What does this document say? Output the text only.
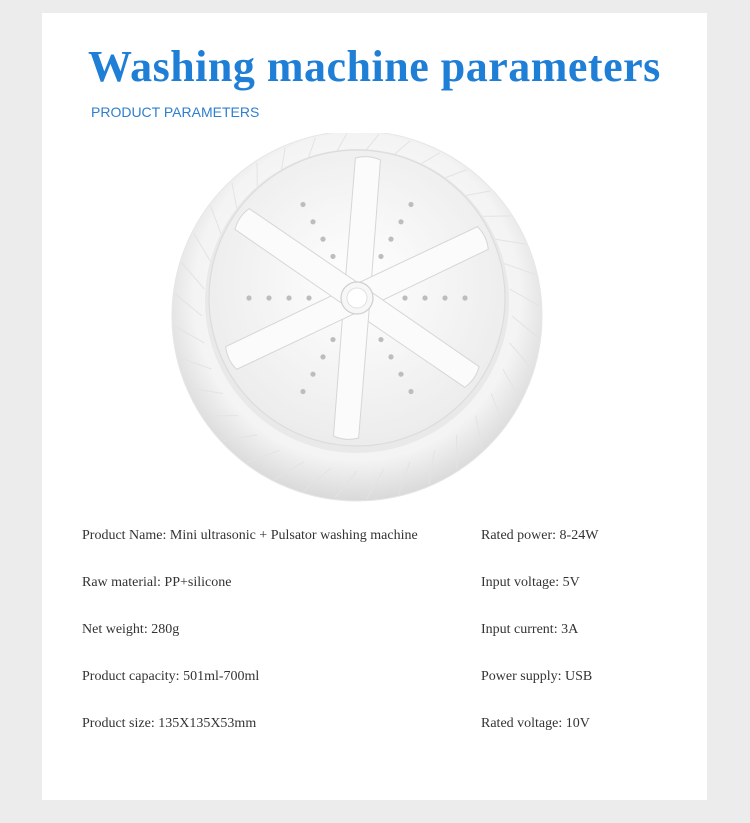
Washing machine parameters
PRODUCT PARAMETERS
Product Name: Mini ultrasonic + Pulsator washing machine	Rated power: 8-24W
Raw material: PP+silicone	Input voltage: 5V
Net weight: 280g	Input current: 3A
Product capacity: 501ml-700ml	Power supply: USB
Product size: 135X135X53mm	Rated voltage: 10V
